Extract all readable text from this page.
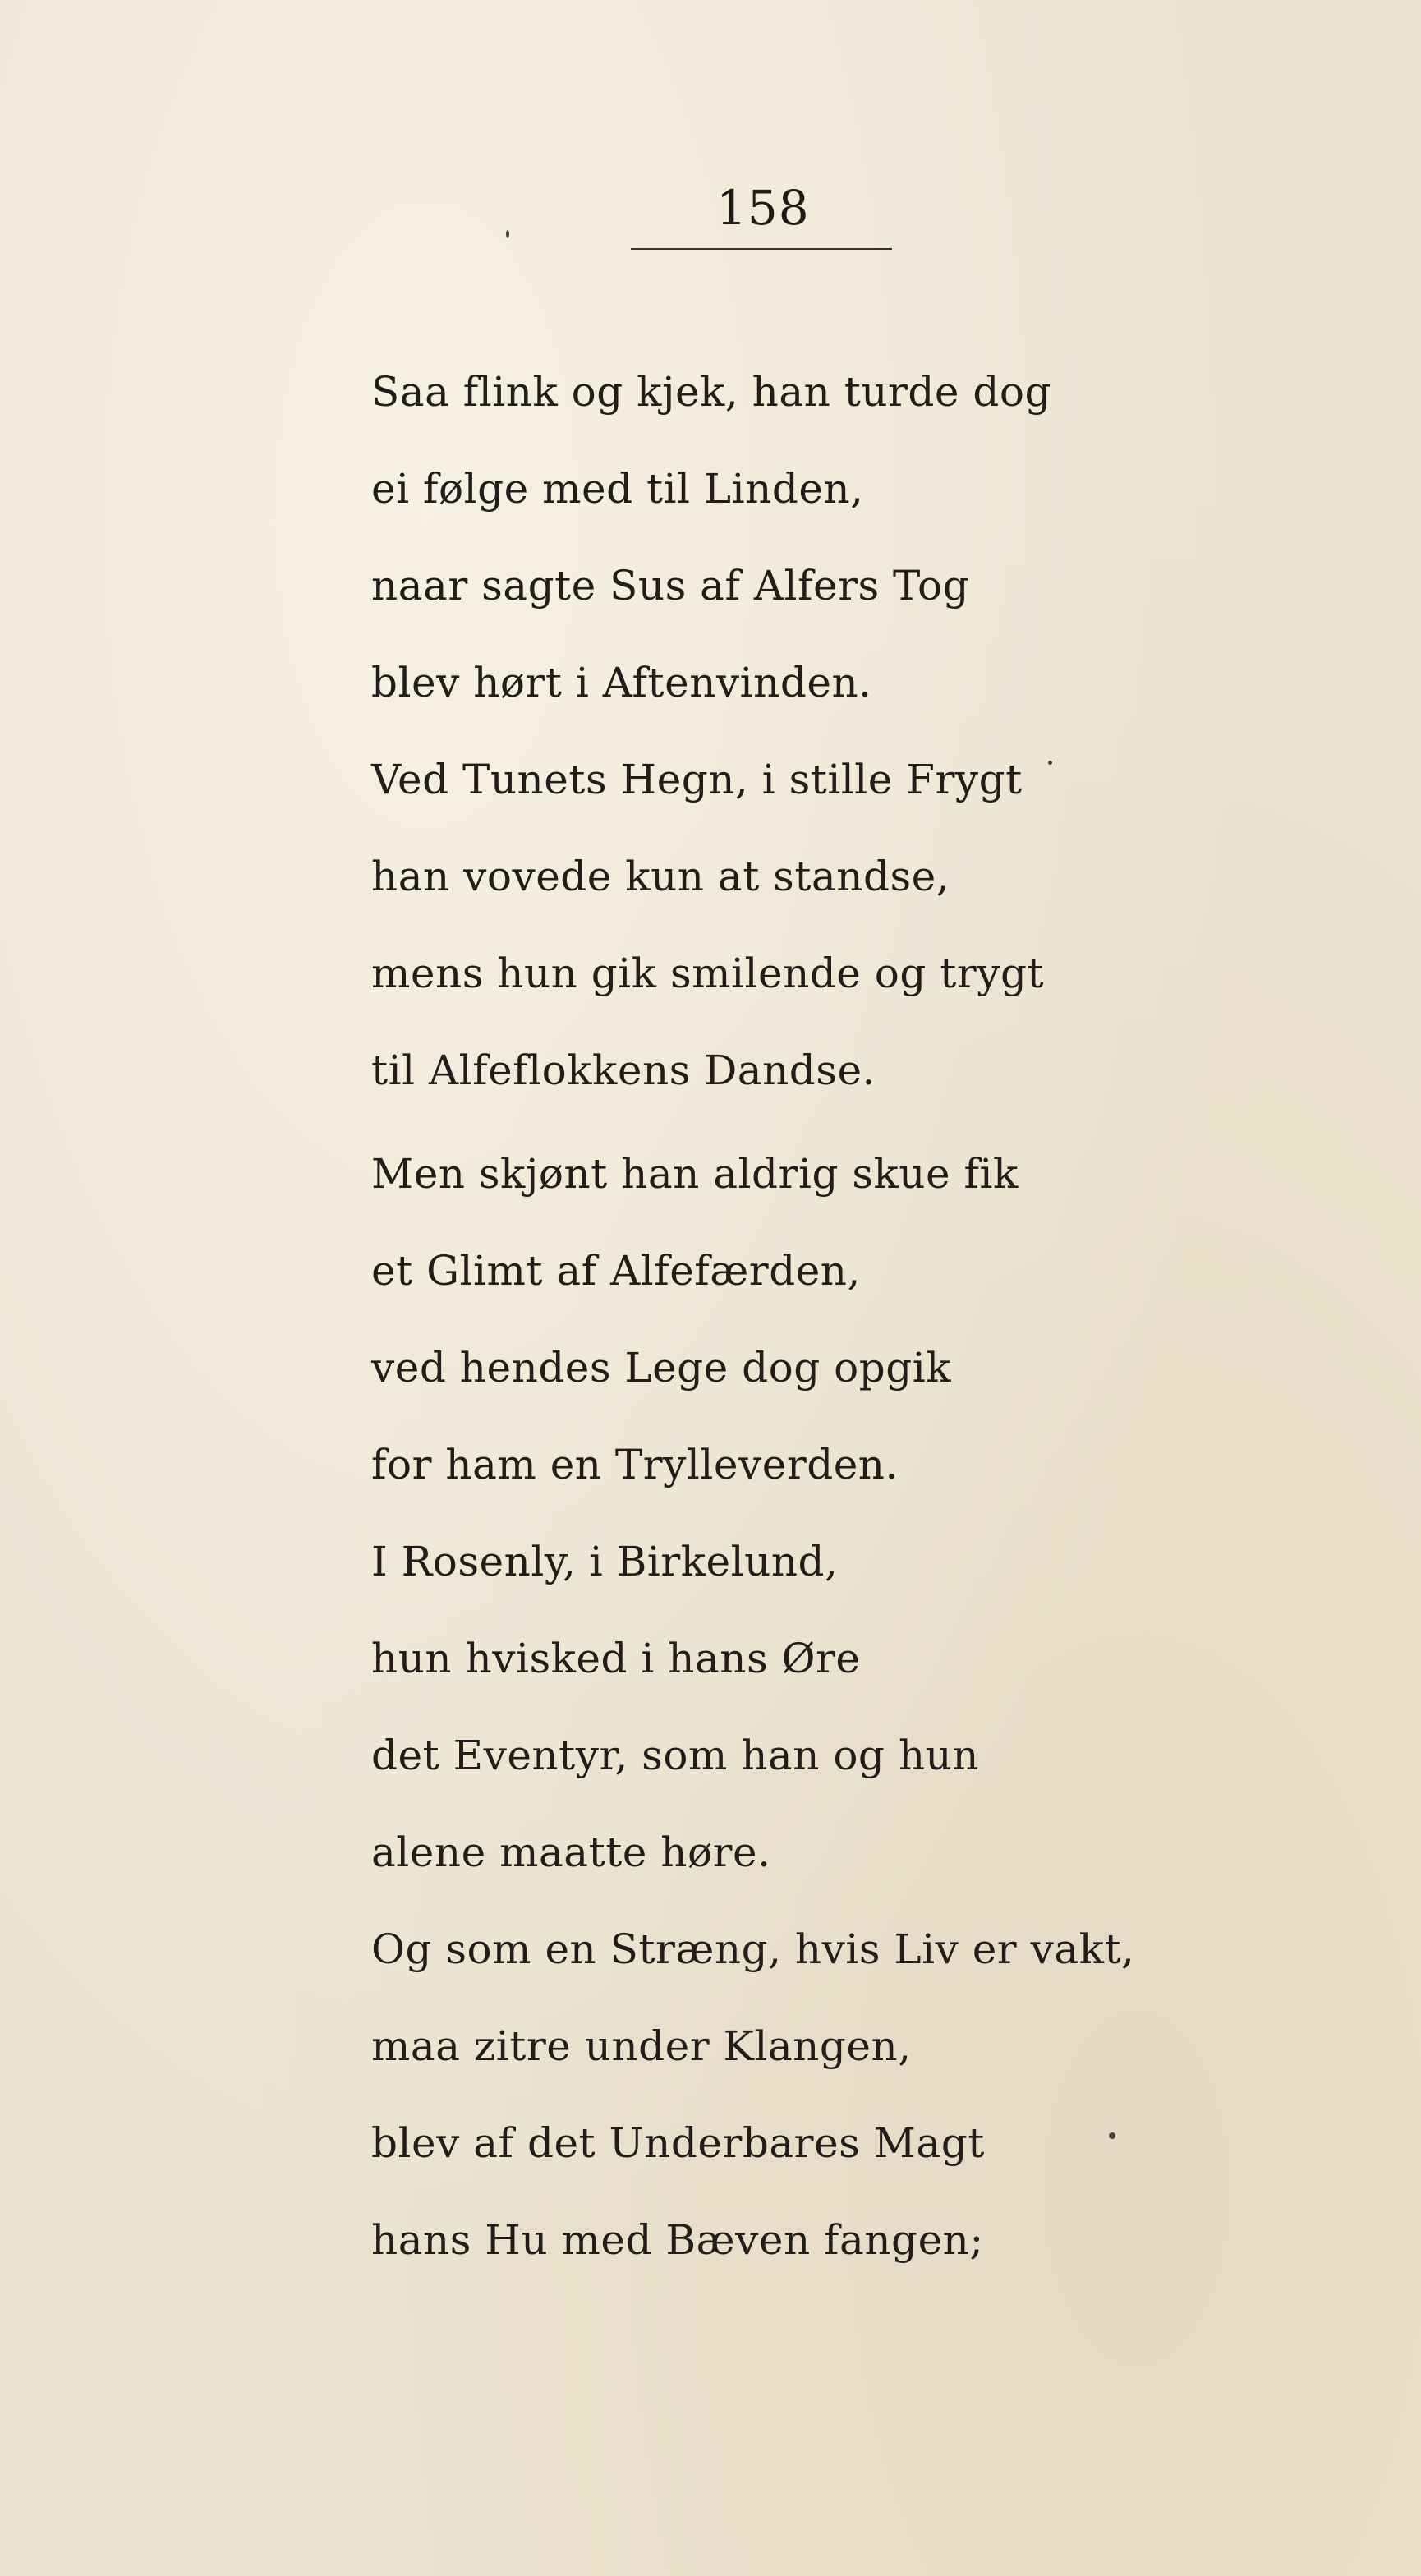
158
Saa flink og kjek, han turde dog
ei følge med til Linden,
naar sagte Sus af Alfers Tog
blev hørt i Aftenvinden.
Ved Tunets Hegn, i stille Frygt
han vovede kun at standse,
mens hun gik smilende og trygt
til Alfeflokkens Dandse.
Men skjønt han aldrig skue fik
et Glimt af Alfefærden,
ved hendes Lege dog opgik
for ham en Trylleverden.
I Rosenly, i Birkelund,
hun hvisked i hans Øre
det Eventyr, som han og hun
alene maatte høre.
Og som en Stræng, hvis Liv er vakt,
maa zitre under Klangen,
blev af det Underbares Magt
hans Hu med Bæven fangen;
